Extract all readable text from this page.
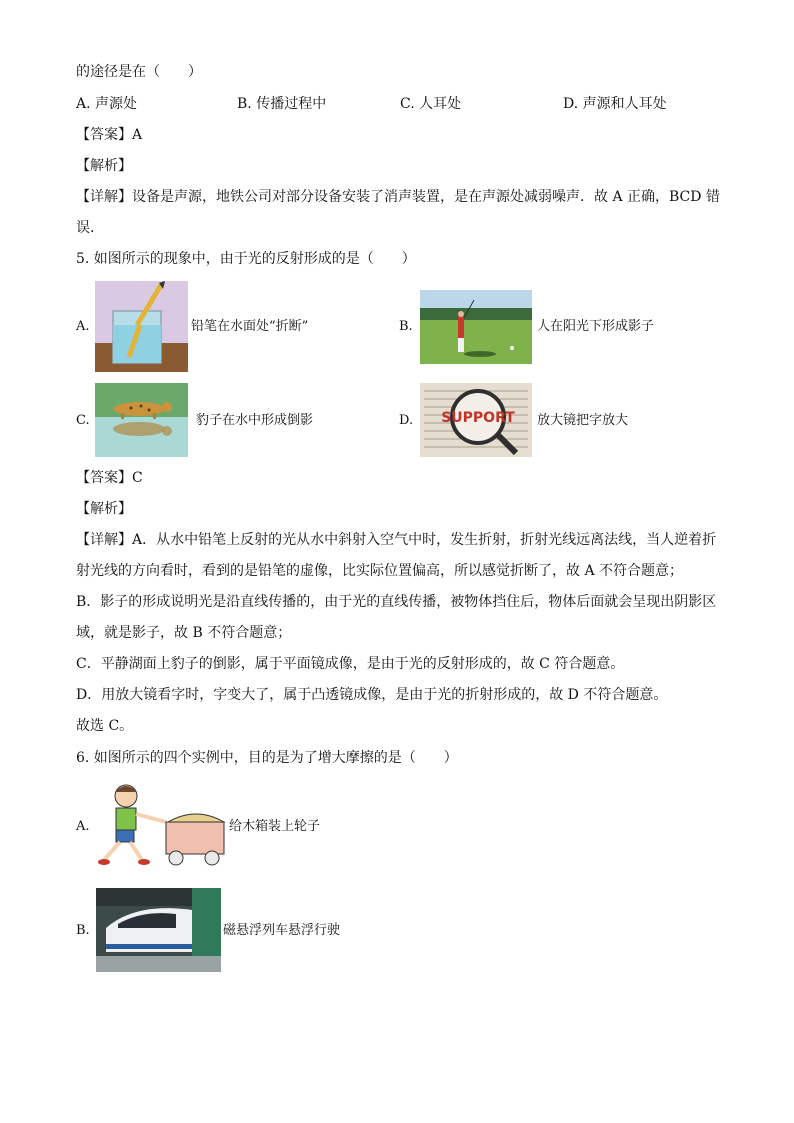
的途径是在（　　）
A. 声源处	B. 传播过程中	C. 人耳处	D. 声源和人耳处
【答案】A
【解析】
【详解】设备是声源，地铁公司对部分设备安装了消声装置，是在声源处减弱噪声．故 A 正确，BCD 错
误．
5. 如图所示的现象中，由于光的反射形成的是（　　）
A.	铅笔在水面处“折断”	B.	人在阳光下形成影子
C.	豹子在水中形成倒影	D. SUPPORT 放大镜把字放大
【答案】C
【解析】
【详解】A．从水中铅笔上反射的光从水中斜射入空气中时，发生折射，折射光线远离法线，当人逆着折
射光线的方向看时，看到的是铅笔的虚像，比实际位置偏高，所以感觉折断了，故 A 不符合题意；
B．影子的形成说明光是沿直线传播的，由于光的直线传播，被物体挡住后，物体后面就会呈现出阴影区
域，就是影子，故 B 不符合题意；
C．平静湖面上豹子的倒影，属于平面镜成像，是由于光的反射形成的，故 C 符合题意。
D．用放大镜看字时，字变大了，属于凸透镜成像，是由于光的折射形成的，故 D 不符合题意。
故选 C。
6. 如图所示的四个实例中，目的是为了增大摩擦的是（　　）
A.	给木箱装上轮子
B.	磁悬浮列车悬浮行驶
